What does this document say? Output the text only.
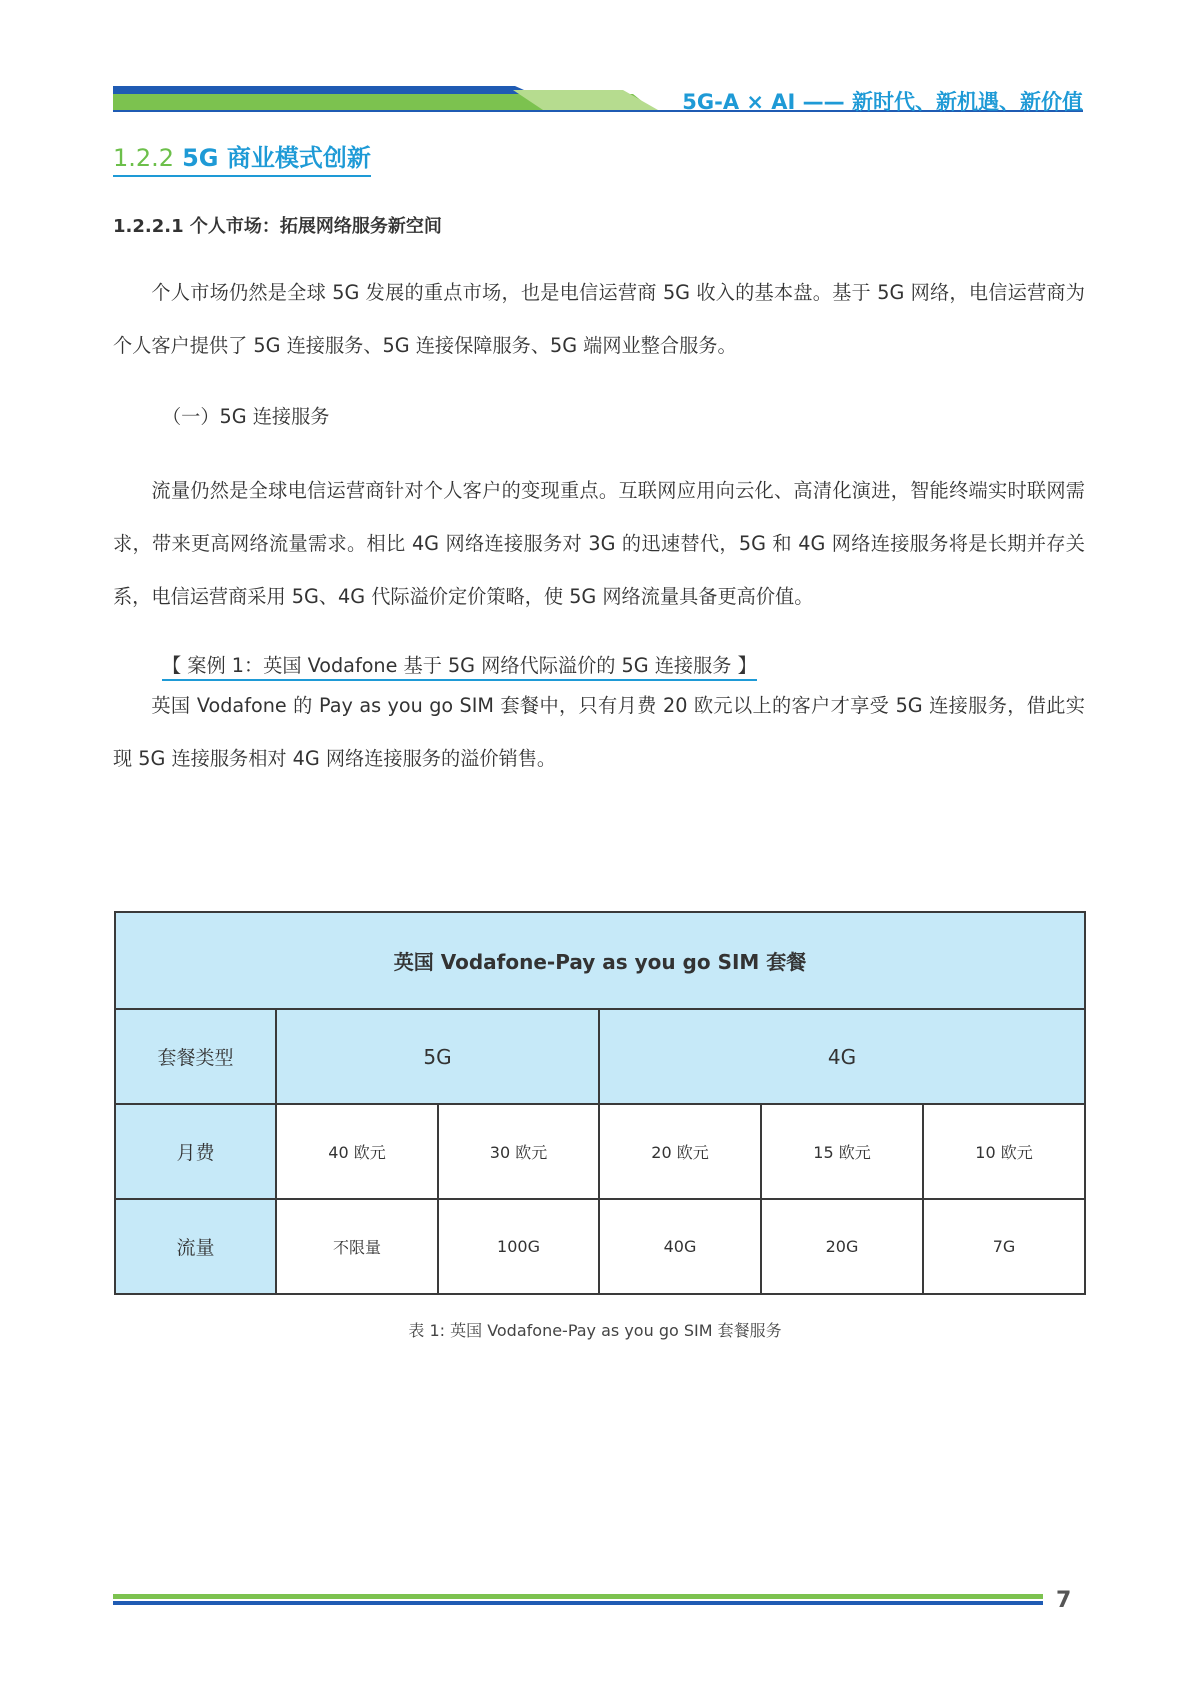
5G-A × AI —— 新时代、新机遇、新价值
1.2.2 5G 商业模式创新
1.2.2.1 个人市场：拓展网络服务新空间

个人市场仍然是全球 5G 发展的重点市场，也是电信运营商 5G 收入的基本盘。基于 5G 网络，电信运营商为个人客户提供了 5G 连接服务、5G 连接保障服务、5G 端网业整合服务。

（一）5G 连接服务

流量仍然是全球电信运营商针对个人客户的变现重点。互联网应用向云化、高清化演进，智能终端实时联网需求，带来更高网络流量需求。相比 4G 网络连接服务对 3G 的迅速替代，5G 和 4G 网络连接服务将是长期并存关系，电信运营商采用 5G、4G 代际溢价定价策略，使 5G 网络流量具备更高价值。

【 案例 1：英国 Vodafone 基于 5G 网络代际溢价的 5G 连接服务 】

英国 Vodafone 的 Pay as you go SIM 套餐中，只有月费 20 欧元以上的客户才享受 5G 连接服务，借此实现 5G 连接服务相对 4G 网络连接服务的溢价销售。

英国 Vodafone-Pay as you go SIM 套餐					
套餐类型	5G		4G		
月费	40 欧元	30 欧元	20 欧元	15 欧元	10 欧元
流量	不限量	100G	40G	20G	7G
表 1: 英国 Vodafone-Pay as you go SIM 套餐服务
7
